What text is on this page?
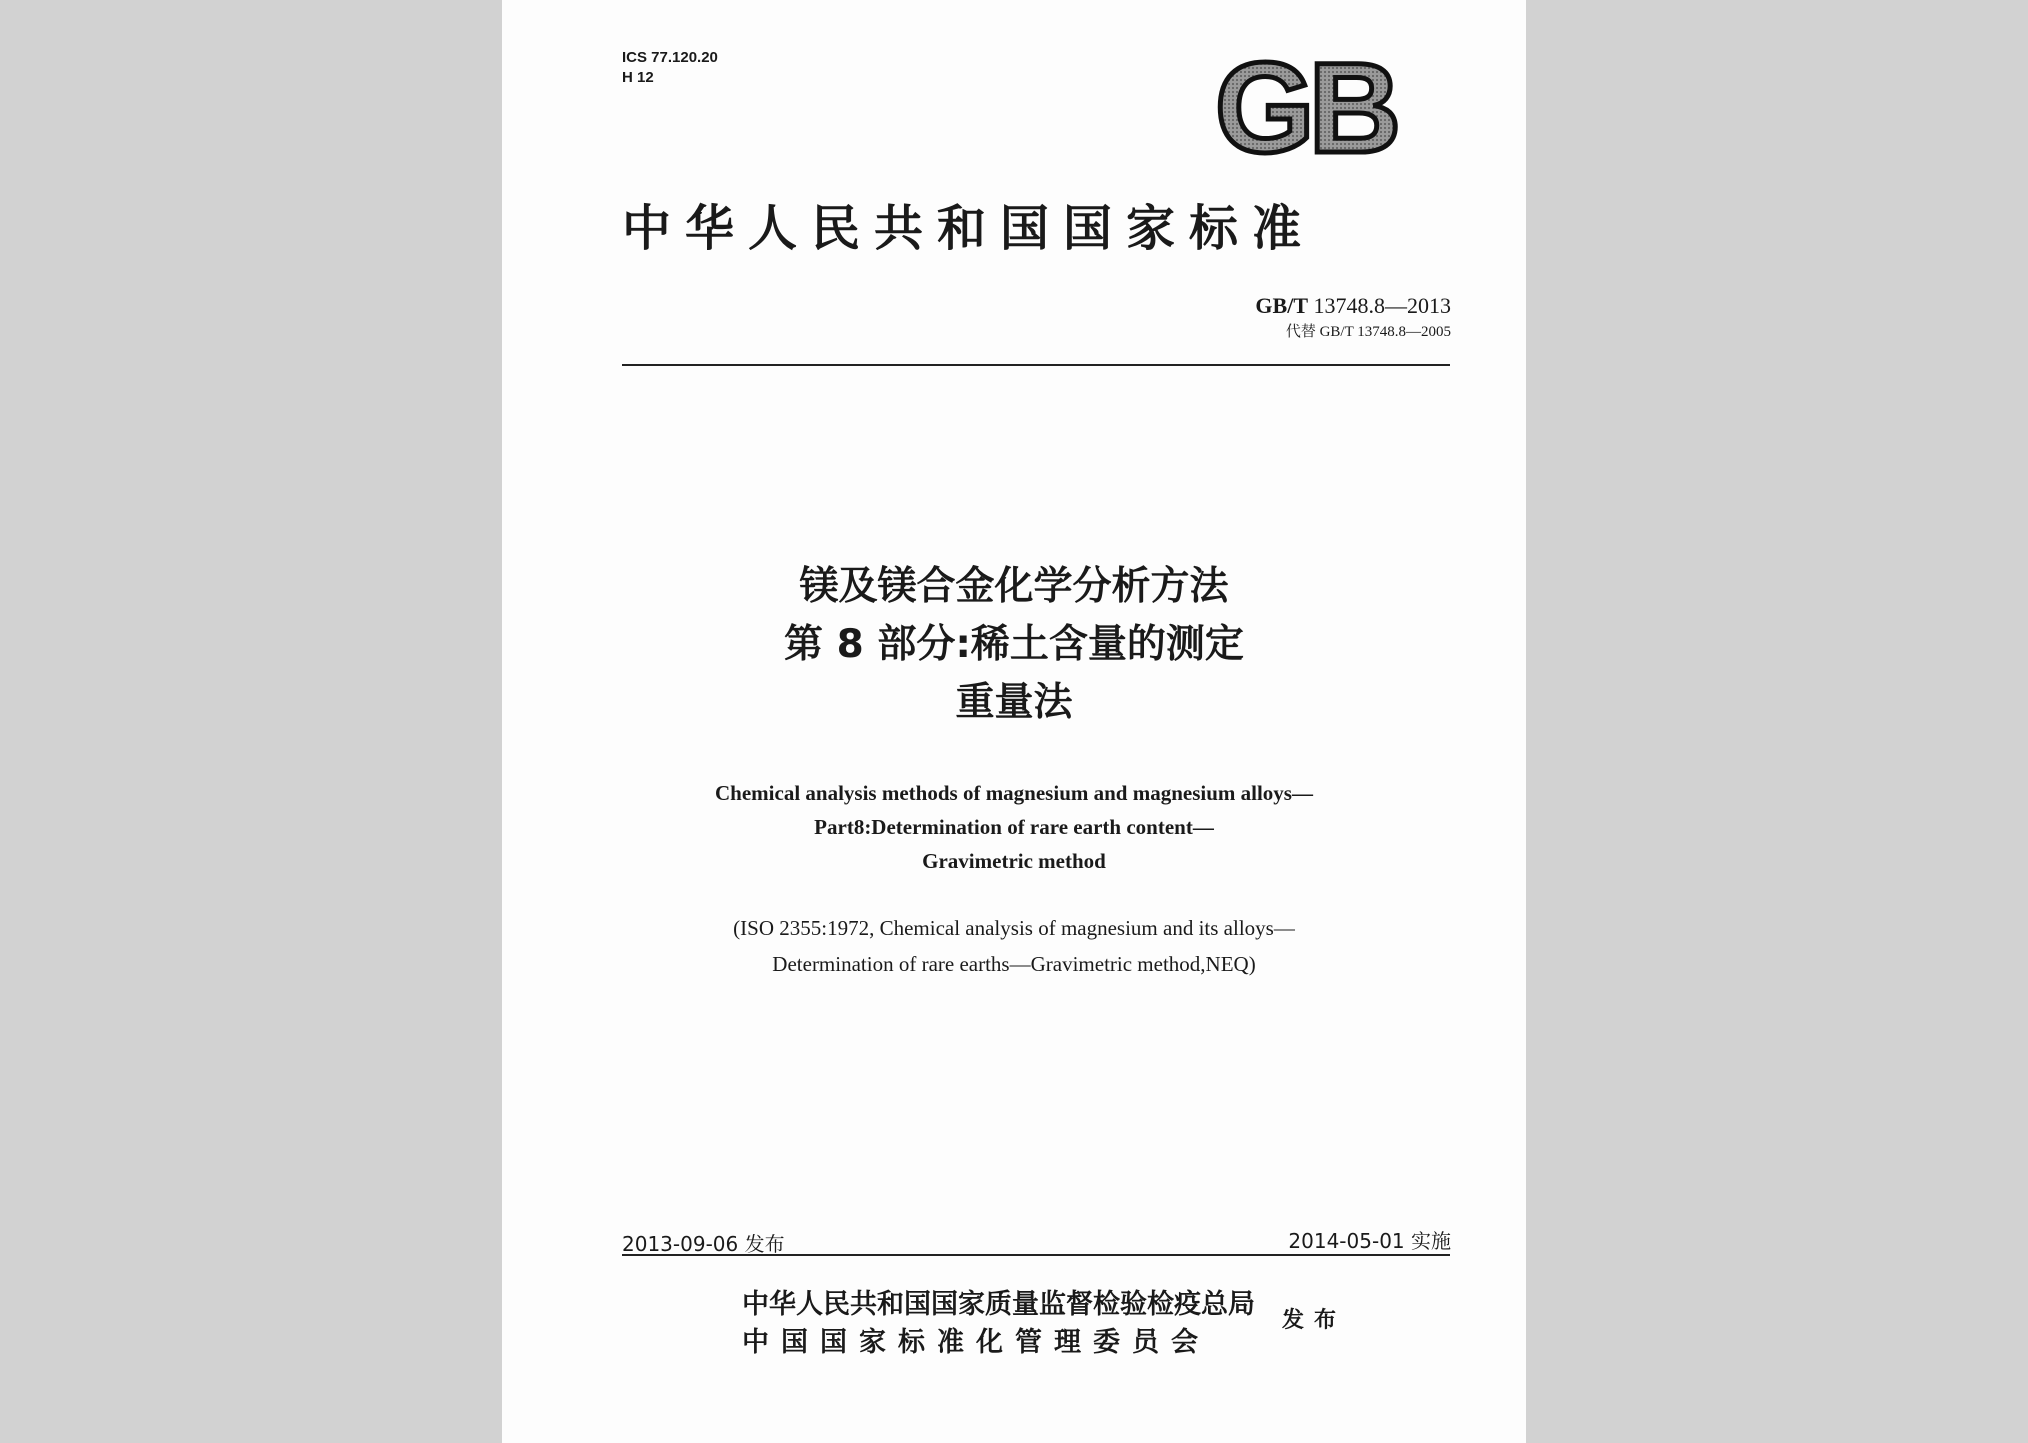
ICS 77.120.20
H 12	GB
中华人民共和国国家标准
GB/T 13748.8—2013
代替 GB/T 13748.8—2005
镁及镁合金化学分析方法
第 8 部分:稀土含量的测定
重量法
Chemical analysis methods of magnesium and magnesium alloys—
Part8:Determination of rare earth content—
Gravimetric method
(ISO 2355:1972, Chemical analysis of magnesium and its alloys—
Determination of rare earths—Gravimetric method,NEQ)
2013-09-06 发布	2014-05-01 实施
中华人民共和国国家质量监督检验检疫总局
中国国家标准化管理委员会
发布
